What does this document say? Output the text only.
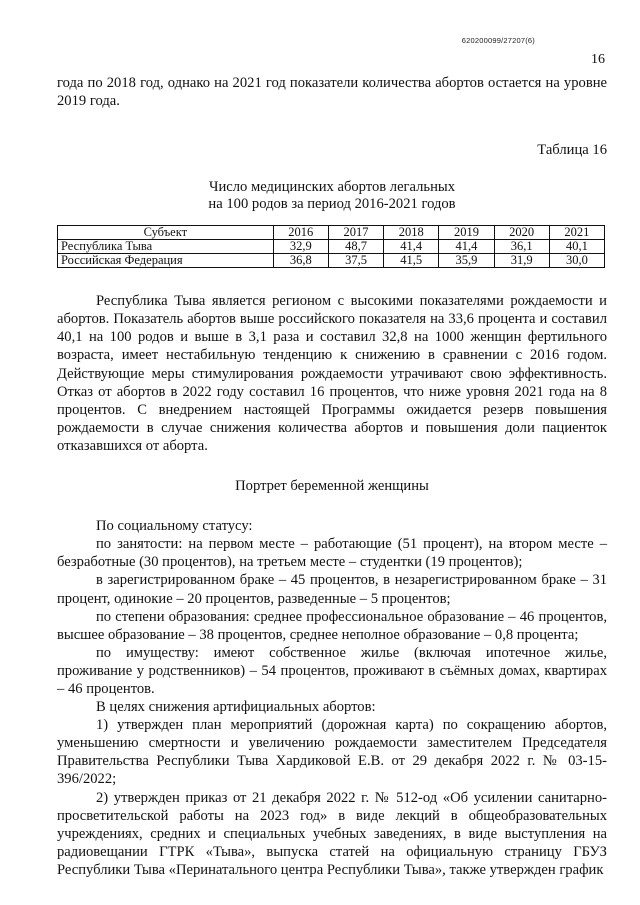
620200099/27207(6)
16

года по 2018 год, однако на 2021 год показатели количества абортов остается на уровне 2019 года.

Таблица 16

Число медицинских абортов легальных
на 100 родов за период 2016-2021 годов
Субъект	2016	2017	2018	2019	2020	2021
Республика Тыва	32,9	48,7	41,4	41,4	36,1	40,1
Российская Федерация	36,8	37,5	41,5	35,9	31,9	30,0

Республика Тыва является регионом с высокими показателями рождаемости и абортов. Показатель абортов выше российского показателя на 33,6 процента и составил 40,1 на 100 родов и выше в 3,1 раза и составил 32,8 на 1000 женщин фертильного возраста, имеет нестабильную тенденцию к снижению в сравнении с 2016 годом. Действующие меры стимулирования рождаемости утрачивают свою эффективность. Отказ от абортов в 2022 году составил 16 процентов, что ниже уровня 2021 года на 8 процентов. С внедрением настоящей Программы ожидается резерв повышения рождаемости в случае снижения количества абортов и повышения доли пациенток отказавшихся от аборта.

Портрет беременной женщины

По социальному статусу:

по занятости: на первом месте – работающие (51 процент), на втором месте – безработные (30 процентов), на третьем месте – студентки (19 процентов);

в зарегистрированном браке – 45 процентов, в незарегистрированном браке – 31 процент, одинокие – 20 процентов, разведенные – 5 процентов;

по степени образования: среднее профессиональное образование – 46 процентов, высшее образование – 38 процентов, среднее неполное образование – 0,8 процента;

по имуществу: имеют собственное жилье (включая ипотечное жилье, проживание у родственников) – 54 процентов, проживают в съёмных домах, квартирах – 46 процентов.

В целях снижения артифициальных абортов:

1) утвержден план мероприятий (дорожная карта) по сокращению абортов, уменьшению смертности и увеличению рождаемости заместителем Председателя Правительства Республики Тыва Хардиковой Е.В. от 29 декабря 2022 г. № 03-15-396/2022;

2) утвержден приказ от 21 декабря 2022 г. № 512-од «Об усилении санитарно-просветительской работы на 2023 год» в виде лекций в общеобразовательных учреждениях, средних и специальных учебных заведениях, в виде выступления на радиовещании ГТРК «Тыва», выпуска статей на официальную страницу ГБУЗ Республики Тыва «Перинатального центра Республики Тыва», также утвержден график
